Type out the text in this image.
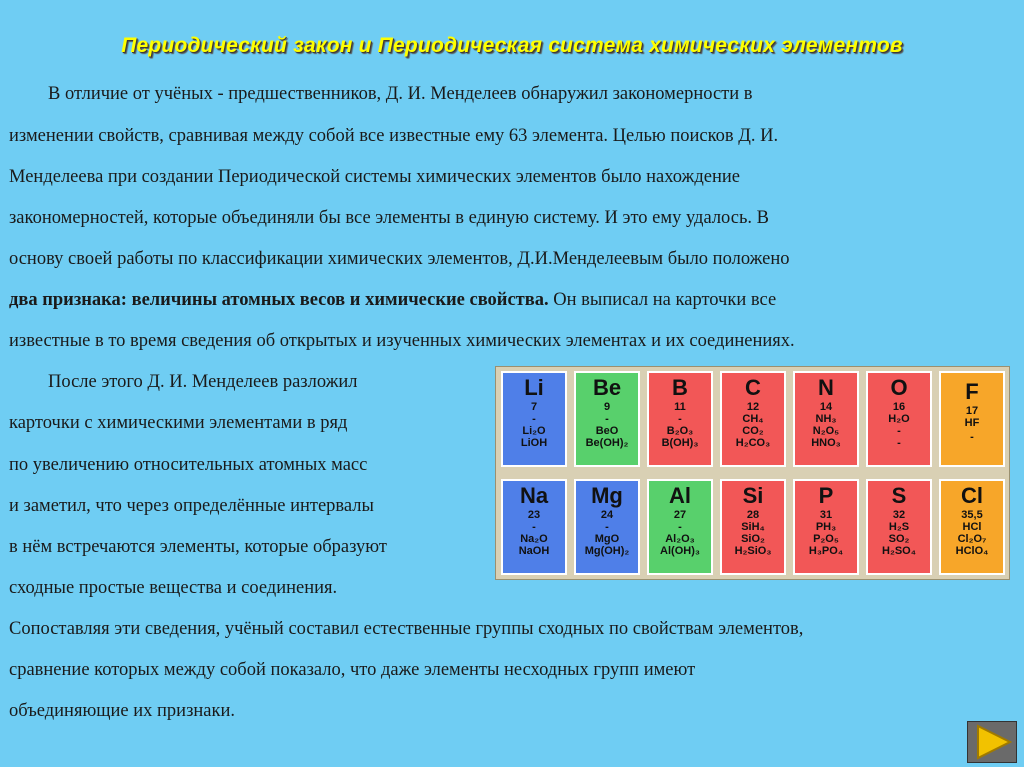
Периодический закон и Периодическая система химических элементов
В отличие от учёных - предшественников, Д. И. Менделеев обнаружил закономерности в
изменении свойств, сравнивая между собой все известные ему 63 элемента. Целью поисков Д. И.
Менделеева при создании Периодической системы химических элементов было нахождение
закономерностей, которые объединяли бы все элементы в единую систему. И это ему удалось. В
основу своей работы по классификации химических элементов, Д.И.Менделеевым было положено
два признака: величины атомных весов и химические свойства. Он выписал на карточки все
известные в то время сведения об открытых и изученных химических элементах и их соединениях.
После этого Д. И. Менделеев разложил
карточки с химическими элементами в ряд
по увеличению относительных атомных масс
и заметил, что через определённые интервалы
в нём встречаются элементы, которые образуют
сходные простые вещества и соединения.
Сопоставляя эти сведения, учёный составил естественные группы сходных по свойствам элементов,
сравнение которых между собой показало, что даже элементы несходных групп имеют
объединяющие их признаки.
Li
7
-
Li₂O
LiOH
Be
9
-
BeO
Be(OH)₂
B
11
-
B₂O₃
B(OH)₃
C
12
CH₄
CO₂
H₂CO₃
N
14
NH₃
N₂O₅
HNO₃
O
16
H₂O
-
-
F
17
HF
-
Na
23
-
Na₂O
NaOH
Mg
24
-
MgO
Mg(OH)₂
Al
27
-
Al₂O₃
Al(OH)₃
Si
28
SiH₄
SiO₂
H₂SiO₃
P
31
PH₃
P₂O₅
H₃PO₄
S
32
H₂S
SO₂
H₂SO₄
Cl
35,5
HCl
Cl₂O₇
HClO₄
